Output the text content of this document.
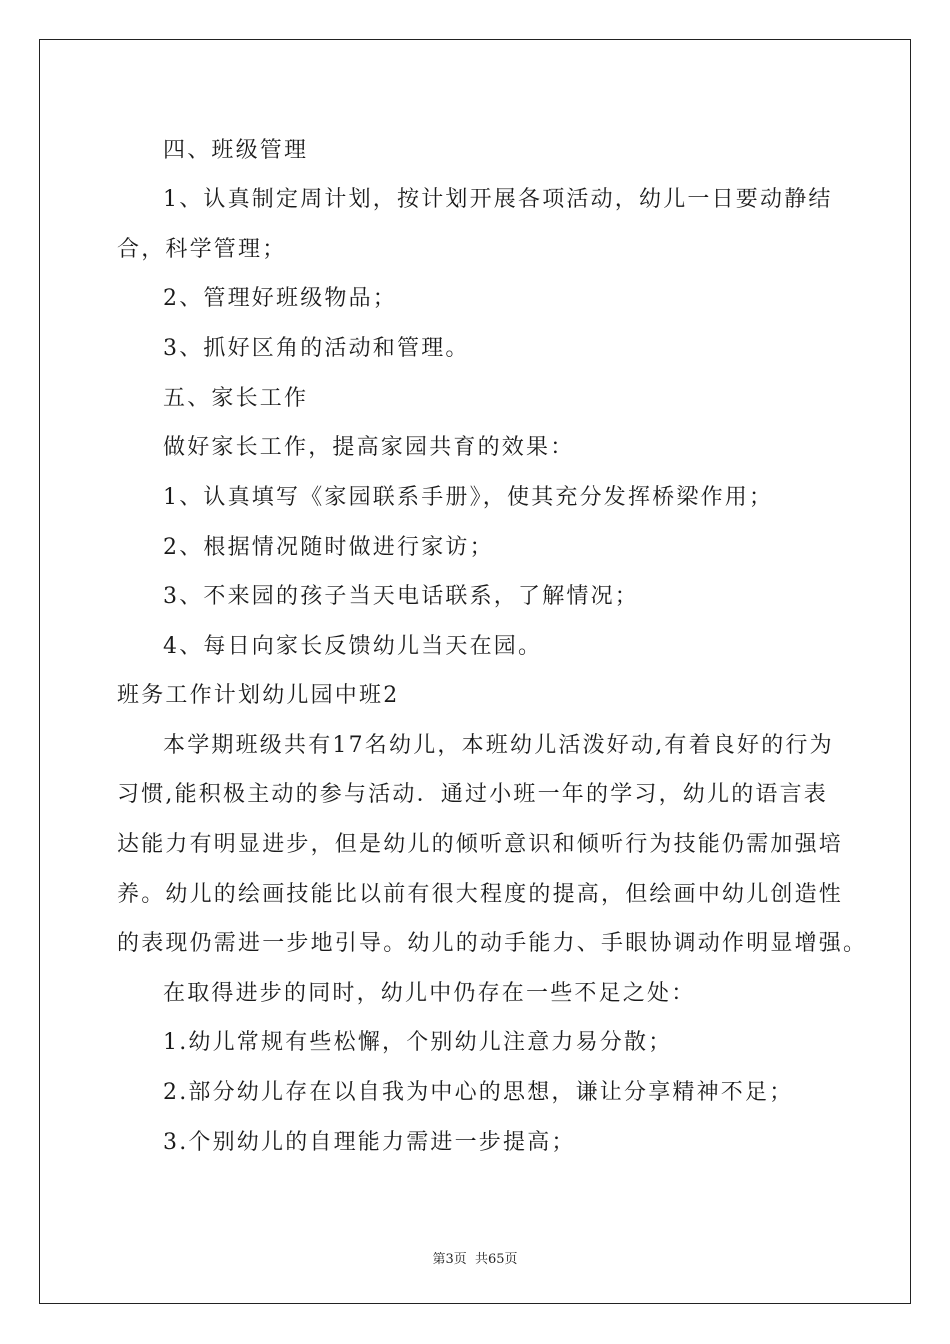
四、班级管理
1、认真制定周计划，按计划开展各项活动，幼儿一日要动静结
合，科学管理；
2、管理好班级物品；
3、抓好区角的活动和管理。
五、家长工作
做好家长工作，提高家园共育的效果：
1、认真填写《家园联系手册》，使其充分发挥桥梁作用；
2、根据情况随时做进行家访；
3、不来园的孩子当天电话联系，了解情况；
4、每日向家长反馈幼儿当天在园。
班务工作计划幼儿园中班2
本学期班级共有17名幼儿，本班幼儿活泼好动,有着良好的行为
习惯,能积极主动的参与活动．通过小班一年的学习，幼儿的语言表
达能力有明显进步，但是幼儿的倾听意识和倾听行为技能仍需加强培
养。幼儿的绘画技能比以前有很大程度的提高，但绘画中幼儿创造性
的表现仍需进一步地引导。幼儿的动手能力、手眼协调动作明显增强。
在取得进步的同时，幼儿中仍存在一些不足之处：
1.幼儿常规有些松懈，个别幼儿注意力易分散；
2.部分幼儿存在以自我为中心的思想，谦让分享精神不足；
3.个别幼儿的自理能力需进一步提高；
第3页 共65页
